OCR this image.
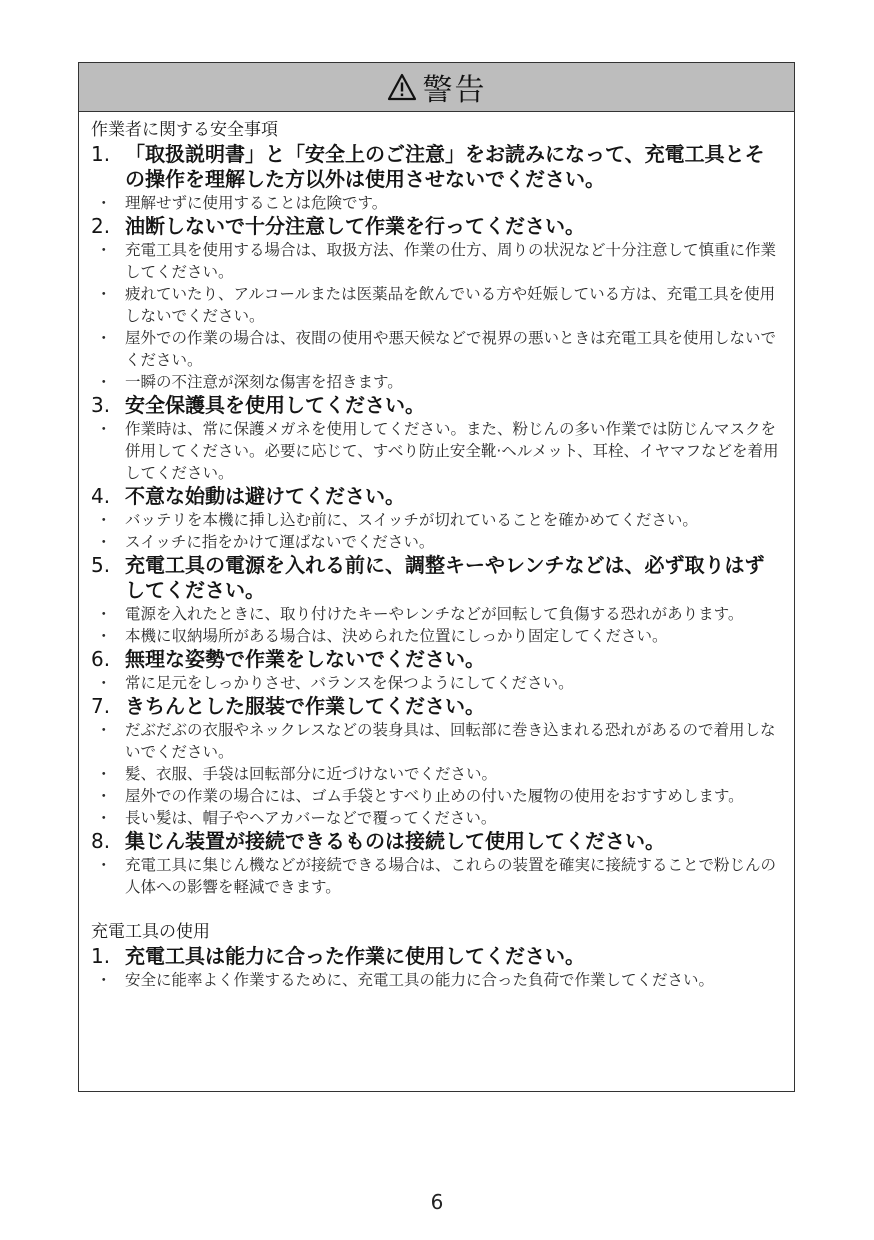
警告
作業者に関する安全事項
1. 「取扱説明書」と「安全上のご注意」をお読みになって、充電工具とその操作を理解した方以外は使用させないでください。
・ 理解せずに使用することは危険です。
2. 油断しないで十分注意して作業を行ってください。
・ 充電工具を使用する場合は、取扱方法、作業の仕方、周りの状況など十分注意して慎重に作業してください。
・ 疲れていたり、アルコールまたは医薬品を飲んでいる方や妊娠している方は、充電工具を使用しないでください。
・ 屋外での作業の場合は、夜間の使用や悪天候などで視界の悪いときは充電工具を使用しないでください。
・ 一瞬の不注意が深刻な傷害を招きます。
3. 安全保護具を使用してください。
・ 作業時は、常に保護メガネを使用してください。また、粉じんの多い作業では防じんマスクを併用してください。必要に応じて、すべり防止安全靴·ヘルメット、耳栓、イヤマフなどを着用してください。
4. 不意な始動は避けてください。
・ バッテリを本機に挿し込む前に、スイッチが切れていることを確かめてください。
・ スイッチに指をかけて運ばないでください。
5. 充電工具の電源を入れる前に、調整キーやレンチなどは、必ず取りはずしてください。
・ 電源を入れたときに、取り付けたキーやレンチなどが回転して負傷する恐れがあります。
・ 本機に収納場所がある場合は、決められた位置にしっかり固定してください。
6. 無理な姿勢で作業をしないでください。
・ 常に足元をしっかりさせ、バランスを保つようにしてください。
7. きちんとした服装で作業してください。
・ だぶだぶの衣服やネックレスなどの装身具は、回転部に巻き込まれる恐れがあるので着用しないでください。
・ 髪、衣服、手袋は回転部分に近づけないでください。
・ 屋外での作業の場合には、ゴム手袋とすべり止めの付いた履物の使用をおすすめします。
・ 長い髪は、帽子やヘアカバーなどで覆ってください。
8. 集じん装置が接続できるものは接続して使用してください。
・ 充電工具に集じん機などが接続できる場合は、これらの装置を確実に接続することで粉じんの人体への影響を軽減できます。
充電工具の使用
1. 充電工具は能力に合った作業に使用してください。
・ 安全に能率よく作業するために、充電工具の能力に合った負荷で作業してください。
6
